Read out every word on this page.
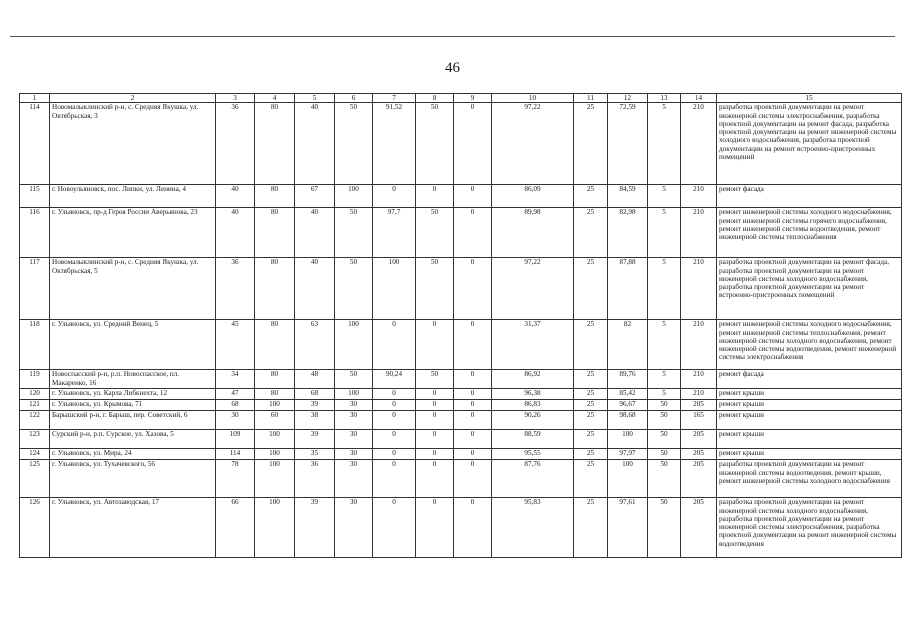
46
1	2	3	4	5	6	7	8	9	10	11	12	13	14	15
114	Новомалыклинский р-н, с. Средняя Якушка, ул. Октябрьская, 3	36	80	40	50	91,52	50	0	97,22	25	72,59	5	210	разработка проектной документации на ремонт инженерной системы электроснабжения, разработка проектной документации на ремонт фасада, разработка проектной документации на ремонт инженерной системы холодного водоснабжения, разработка проектной документации на ремонт встроенно-пристроенных помещений
115	г. Новоульяновск, пос. Липки, ул. Ленина, 4	40	80	67	100	0	0	0	86,09	25	84,59	5	210	ремонт фасада
116	г. Ульяновск, пр-д Героя России Аверьянова, 23	40	80	40	50	97,7	50	0	89,98	25	82,98	5	210	ремонт инженерной системы холодного водоснабжения, ремонт инженерной системы горячего водоснабжения, ремонт инженерной системы водоотведения, ремонт инженерной системы теплоснабжения
117	Новомалыклинский р-н, с. Средняя Якушка, ул. Октябрьская, 5	36	80	40	50	100	50	0	97,22	25	87,88	5	210	разработка проектной документации на ремонт фасада, разработка проектной документации на ремонт инженерной системы холодного водоснабжения, разработка проектной документации на ремонт встроенно-пристроенных помещений
118	г. Ульяновск, ул. Средний Венец, 5	45	80	63	100	0	0	0	31,37	25	82	5	210	ремонт инженерной системы холодного водоснабжения, ремонт инженерной системы теплоснабжения, ремонт инженерной системы холодного водоснабжения, ремонт инженерной системы водоотведения, ремонт инженерной системы электроснабжения
119	Новоспасский р-н, р.п. Новоспасское, пл. Макаренко, 16	34	80	48	50	90,24	50	0	86,92	25	89,76	5	210	ремонт фасада
120	г. Ульяновск, ул. Карла Либкнехта, 12	47	80	68	100	0	0	0	96,38	25	85,42	5	210	ремонт крыши
121	г. Ульяновск, ул. Крымова, 71	68	100	39	30	0	0	0	86,83	25	96,67	50	205	ремонт крыши
122	Барышский р-н, г. Барыш, пер. Советский, 6	30	60	38	30	0	0	0	90,26	25	98,68	50	165	ремонт крыши
123	Сурский р-н, р.п. Сурское, ул. Хазова, 5	109	100	39	30	0	0	0	88,59	25	100	50	205	ремонт крыши
124	г. Ульяновск, ул. Мира, 24	114	100	35	30	0	0	0	95,55	25	97,97	50	205	ремонт крыши
125	г. Ульяновск, ул. Тухачевского, 56	78	100	36	30	0	0	0	87,76	25	100	50	205	разработка проектной документации на ремонт инженерной системы водоотведения, ремонт крыши, ремонт инженерной системы холодного водоснабжения
126	г. Ульяновск, ул. Автозаводская, 17	66	100	39	30	0	0	0	95,83	25	97,61	50	205	разработка проектной документации на ремонт инженерной системы холодного водоснабжения, разработка проектной документации на ремонт инженерной системы электроснабжения, разработка проектной документации на ремонт инженерной системы водоотведения
